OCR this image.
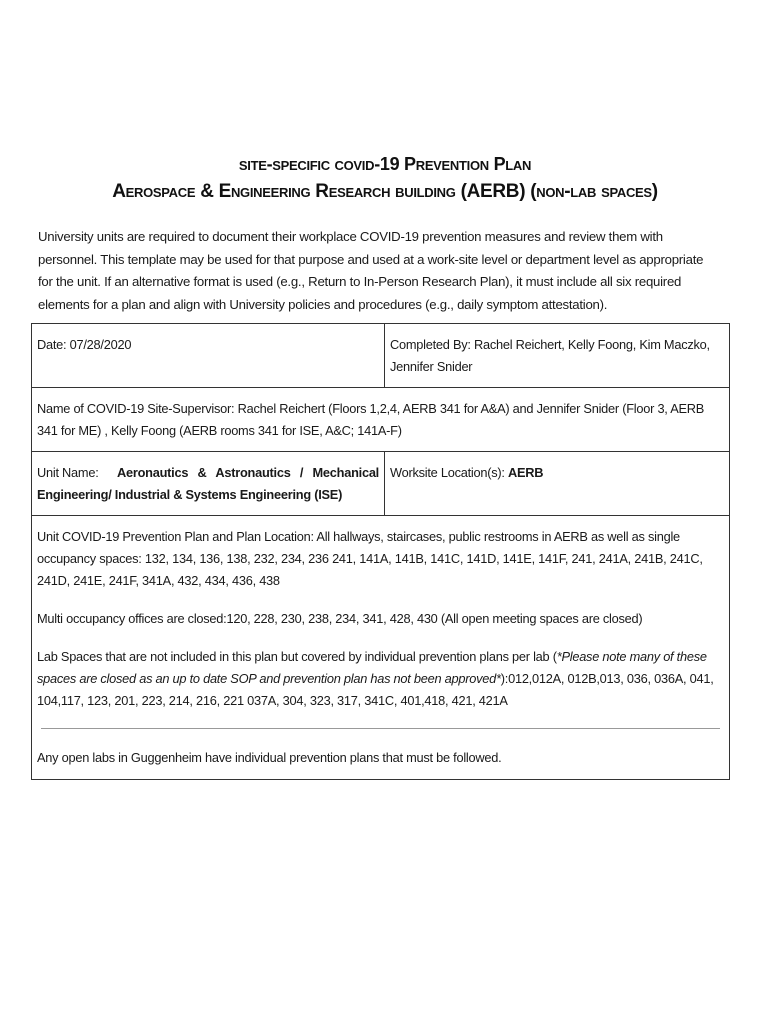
site-specific covid-19 Prevention Plan
Aerospace & Engineering Research building (AERB) (non-lab spaces)
University units are required to document their workplace COVID-19 prevention measures and review them with personnel. This template may be used for that purpose and used at a work-site level or department level as appropriate for the unit. If an alternative format is used (e.g., Return to In-Person Research Plan), it must include all six required elements for a plan and align with University policies and procedures (e.g., daily symptom attestation).
Date: 07/28/2020	Completed By: Rachel Reichert, Kelly Foong, Kim Maczko, Jennifer Snider
Name of COVID-19 Site-Supervisor: Rachel Reichert (Floors 1,2,4, AERB 341 for A&A) and Jennifer Snider (Floor 3, AERB 341 for ME) , Kelly Foong (AERB rooms 341 for ISE, A&C; 141A-F)	
Unit Name: Aeronautics & Astronautics / Mechanical Engineering/ Industrial & Systems Engineering (ISE)	Worksite Location(s): AERB

Unit COVID-19 Prevention Plan and Plan Location: All hallways, staircases, public restrooms in AERB as well as single occupancy spaces: 132, 134, 136, 138, 232, 234, 236 241, 141A, 141B, 141C, 141D, 141E, 141F, 241, 241A, 241B, 241C, 241D, 241E, 241F, 341A, 432, 434, 436, 438

Multi occupancy offices are closed:120, 228, 230, 238, 234, 341, 428, 430 (All open meeting spaces are closed)

Lab Spaces that are not included in this plan but covered by individual prevention plans per lab (*Please note many of these spaces are closed as an up to date SOP and prevention plan has not been approved*):012,012A, 012B,013, 036, 036A, 041, 104,117, 123, 201, 223, 214, 216, 221 037A, 304, 323, 317, 341C, 401,418, 421, 421A

Any open labs in Guggenheim have individual prevention plans that must be followed.	
